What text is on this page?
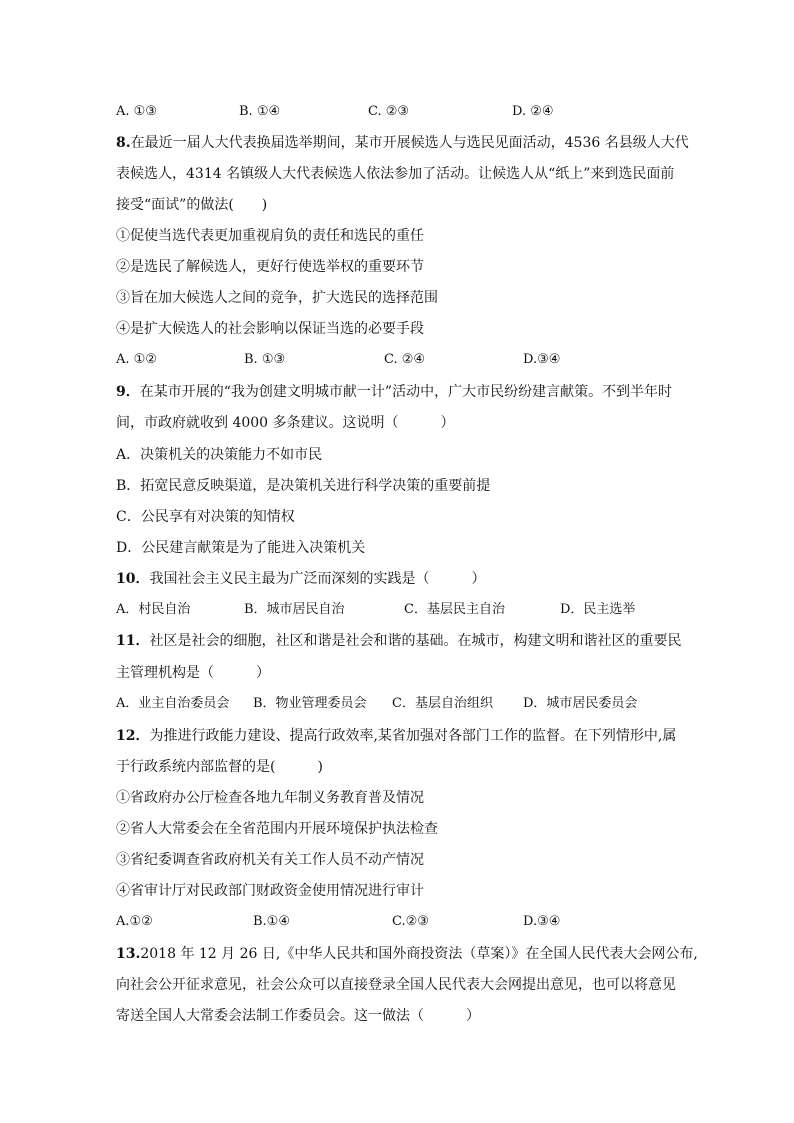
A. ①③	B. ①④	C. ②③	D. ②④
8.在最近一届人大代表换届选举期间，某市开展候选人与选民见面活动，4536 名县级人大代
表候选人，4314 名镇级人大代表候选人依法参加了活动。让候选人从“纸上”来到选民面前
接受“面试”的做法(　　)
①促使当选代表更加重视肩负的责任和选民的重任
②是选民了解候选人，更好行使选举权的重要环节
③旨在加大候选人之间的竞争，扩大选民的选择范围
④是扩大候选人的社会影响以保证当选的必要手段
A. ①②	B. ①③	C. ②④	D.③④
9．在某市开展的“我为创建文明城市献一计”活动中，广大市民纷纷建言献策。不到半年时
间，市政府就收到 4000 多条建议。这说明（　　　）
A．决策机关的决策能力不如市民
B．拓宽民意反映渠道，是决策机关进行科学决策的重要前提
C．公民享有对决策的知情权
D．公民建言献策是为了能进入决策机关
10．我国社会主义民主最为广泛而深刻的实践是（　　　）
A．村民自治	B．城市居民自治	C．基层民主自治	D．民主选举
11．社区是社会的细胞，社区和谐是社会和谐的基础。在城市，构建文明和谐社区的重要民
主管理机构是（　　　）
A．业主自治委员会 B．物业管理委员会 C．基层自治组织 D．城市居民委员会
12．为推进行政能力建设、提高行政效率,某省加强对各部门工作的监督。在下列情形中,属
于行政系统内部监督的是(　　　)
①省政府办公厅检查各地九年制义务教育普及情况
②省人大常委会在全省范围内开展环境保护执法检查
③省纪委调查省政府机关有关工作人员不动产情况
④省审计厅对民政部门财政资金使用情况进行审计
A.①②	B.①④	C.②③	D.③④
13.2018 年 12 月 26 日,《中华人民共和国外商投资法（草案）》在全国人民代表大会网公布,
向社会公开征求意见，社会公众可以直接登录全国人民代表大会网提出意见，也可以将意见
寄送全国人大常委会法制工作委员会。这一做法（　　　）
